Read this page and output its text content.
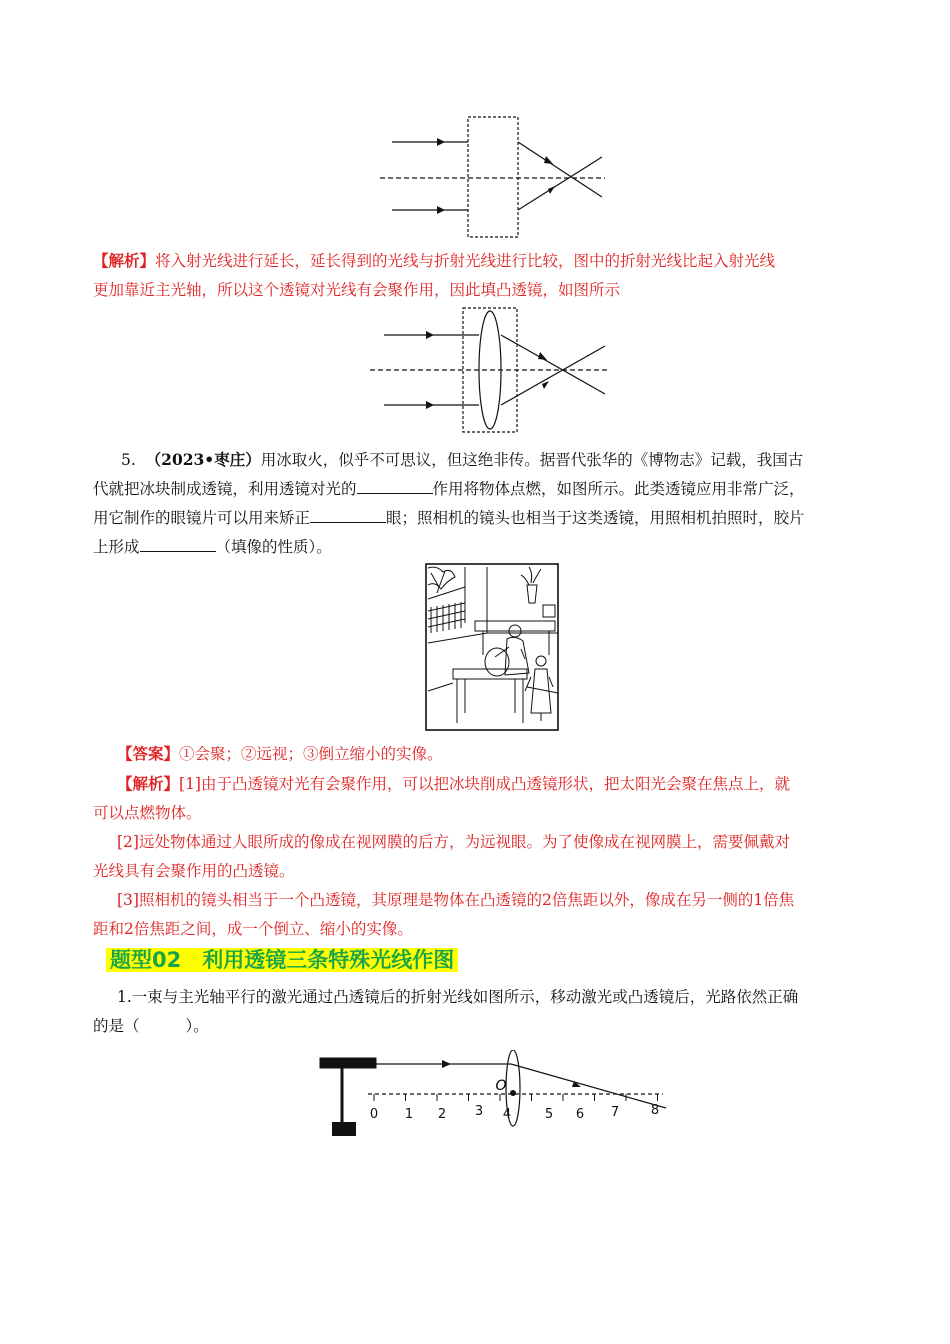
【解析】将入射光线进行延长，延长得到的光线与折射光线进行比较，图中的折射光线比起入射光线
更加靠近主光轴，所以这个透镜对光线有会聚作用，因此填凸透镜，如图所示
5. （2023•枣庄）用冰取火，似乎不可思议，但这绝非传。据晋代张华的《博物志》记载，我国古
代就把冰块制成透镜，利用透镜对光的	作用将物体点燃，如图所示。此类透镜应用非常广泛，
用它制作的眼镜片可以用来矫正	眼；照相机的镜头也相当于这类透镜，用照相机拍照时，胶片
上形成	（填像的性质）。
【答案】①会聚；②远视；③倒立缩小的实像。
【解析】[1]由于凸透镜对光有会聚作用，可以把冰块削成凸透镜形状，把太阳光会聚在焦点上，就
可以点燃物体。
[2]远处物体通过人眼所成的像成在视网膜的后方，为远视眼。为了使像成在视网膜上，需要佩戴对
光线具有会聚作用的凸透镜。
[3]照相机的镜头相当于一个凸透镜，其原理是物体在凸透镜的2倍焦距以外，像成在另一侧的1倍焦
距和2倍焦距之间，成一个倒立、缩小的实像。
题型02　利用透镜三条特殊光线作图
1.一束与主光轴平行的激光通过凸透镜后的折射光线如图所示，移动激光或凸透镜后，光路依然正确
的是（	）。
O
0 1 2 3 4	5 6 7 8
